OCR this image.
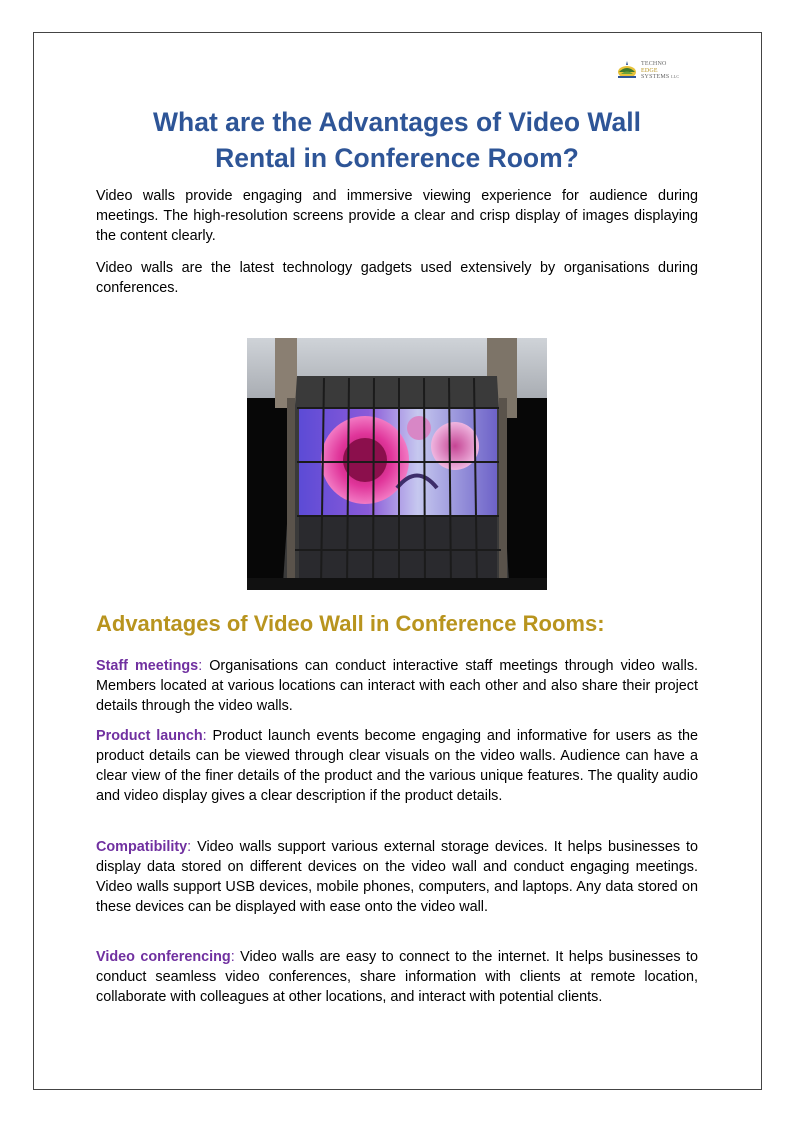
TECHNO
EDGE
SYSTEMS LLC
What are the Advantages of Video Wall
Rental in Conference Room?

Video walls provide engaging and immersive viewing experience for audience during meetings. The high-resolution screens provide a clear and crisp display of images displaying the content clearly.

Video walls are the latest technology gadgets used extensively by organisations during conferences.

Advantages of Video Wall in Conference Rooms:

Staff meetings: Organisations can conduct interactive staff meetings through video walls. Members located at various locations can interact with each other and also share their project details through the video walls.

Product launch: Product launch events become engaging and informative for users as the product details can be viewed through clear visuals on the video walls. Audience can have a clear view of the finer details of the product and the various unique features. The quality audio and video display gives a clear description if the product details.

Compatibility: Video walls support various external storage devices. It helps businesses to display data stored on different devices on the video wall and conduct engaging meetings. Video walls support USB devices, mobile phones, computers, and laptops. Any data stored on these devices can be displayed with ease onto the video wall.

Video conferencing: Video walls are easy to connect to the internet. It helps businesses to conduct seamless video conferences, share information with clients at remote location, collaborate with colleagues at other locations, and interact with potential clients.
